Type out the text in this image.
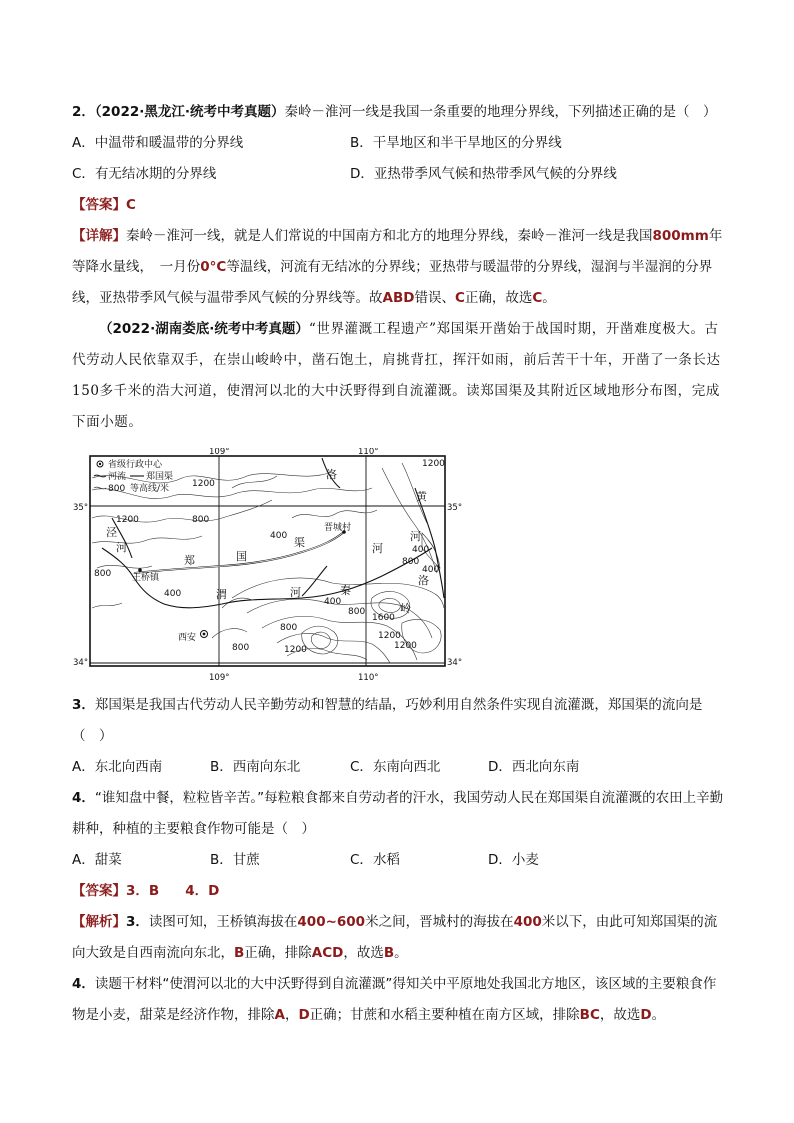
2．（2022·黑龙江·统考中考真题）秦岭－淮河一线是我国一条重要的地理分界线，下列描述正确的是（　）
A．中温带和暖温带的分界线	B．干旱地区和半干旱地区的分界线
C．有无结冰期的分界线	D．亚热带季风气候和热带季风气候的分界线
【答案】C
【详解】秦岭－淮河一线，就是人们常说的中国南方和北方的地理分界线，秦岭－淮河一线是我国800mm年等降水量线，　一月份0°C等温线，河流有无结冰的分界线；亚热带与暖温带的分界线，湿润与半湿润的分界线，亚热带季风气候与温带季风气候的分界线等。故ABD错误、C正确，故选C。
（2022·湖南娄底·统考中考真题）“世界灌溉工程遗产”郑国渠开凿始于战国时期，开凿难度极大。古代劳动人民依靠双手，在崇山峻岭中，凿石饱土，肩挑背扛，挥汗如雨，前后苦干十年，开凿了一条长达150多千米的浩大河道，使渭河以北的大中沃野得到自流灌溉。读郑国渠及其附近区域地形分布图，完成下面小题。
109°	110°
109°	110°
35°	35°
34°	34°
省级行政中心
河流 郑国渠
800 等高线/米
泾
河
郑	国
渠
王桥镇
晋城村
渭	河
西安
秦
岭
洛
黄
河
河
洛
1200
800
1200
400
800
1200
800
400
400
400
800
1600
1200
800
1200
800
400
1200
3．郑国渠是我国古代劳动人民辛勤劳动和智慧的结晶，巧妙利用自然条件实现自流灌溉，郑国渠的流向是（　）
A．东北向西南	B．西南向东北	C．东南向西北	D．西北向东南
4．“谁知盘中餐，粒粒皆辛苦。”每粒粮食都来自劳动者的汗水，我国劳动人民在郑国渠自流灌溉的农田上辛勤耕种，种植的主要粮食作物可能是（　）
A．甜菜	B．甘蔗	C．水稻	D．小麦
【答案】3．B 4．D
【解析】3．读图可知，王桥镇海拔在400~600米之间，晋城村的海拔在400米以下，由此可知郑国渠的流向大致是自西南流向东北，B正确，排除ACD，故选B。
4．读题干材料“使渭河以北的大中沃野得到自流灌溉”得知关中平原地处我国北方地区，该区域的主要粮食作物是小麦，甜菜是经济作物，排除A，D正确；甘蔗和水稻主要种植在南方区域，排除BC，故选D。
